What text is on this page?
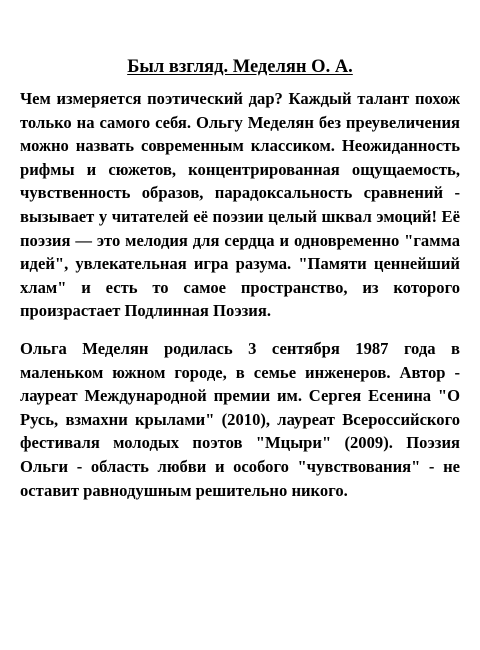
Был взгляд. Меделян О. А.

Чем измеряется поэтический дар? Каждый талант похож только на самого себя. Ольгу Меделян без преувеличения можно назвать современным классиком. Неожиданность рифмы и сюжетов, концентрированная ощущаемость, чувственность образов, парадоксальность сравнений - вызывает у читателей её поэзии целый шквал эмоций! Её поэзия — это мелодия для сердца и одновременно "гамма идей", увлекательная игра разума. "Памяти ценнейший хлам" и есть то самое пространство, из которого произрастает Подлинная Поэзия.

Ольга Меделян родилась 3 сентября 1987 года в маленьком южном городе, в семье инженеров. Автор - лауреат Международной премии им. Сергея Есенина "О Русь, взмахни крылами" (2010), лауреат Всероссийского фестиваля молодых поэтов "Мцыри" (2009). Поэзия Ольги - область любви и особого "чувствования" - не оставит равнодушным решительно никого.
